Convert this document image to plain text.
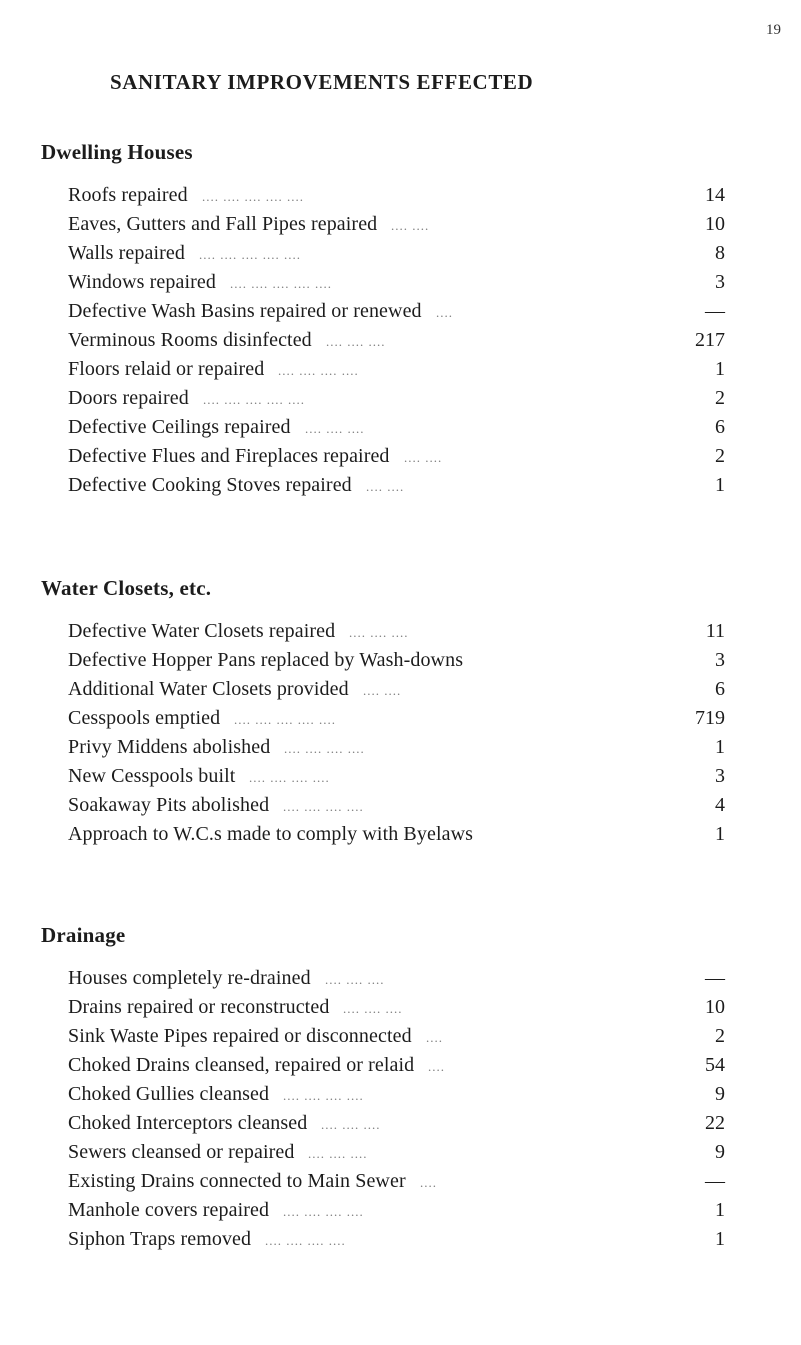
19
SANITARY IMPROVEMENTS EFFECTED
Dwelling Houses
Roofs repaired .... .... .... .... ....	14
Eaves, Gutters and Fall Pipes repaired .... ....	10
Walls repaired .... .... .... .... ....	8
Windows repaired .... .... .... .... ....	3
Defective Wash Basins repaired or renewed ....	—
Verminous Rooms disinfected .... .... ....	217
Floors relaid or repaired .... .... .... ....	1
Doors repaired .... .... .... .... ....	2
Defective Ceilings repaired .... .... ....	6
Defective Flues and Fireplaces repaired .... ....	2
Defective Cooking Stoves repaired .... ....	1
Water Closets, etc.
Defective Water Closets repaired .... .... ....	11
Defective Hopper Pans replaced by Wash-downs	3
Additional Water Closets provided .... ....	6
Cesspools emptied .... .... .... .... ....	719
Privy Middens abolished .... .... .... ....	1
New Cesspools built .... .... .... ....	3
Soakaway Pits abolished .... .... .... ....	4
Approach to W.C.s made to comply with Byelaws	1
Drainage
Houses completely re-drained .... .... ....	—
Drains repaired or reconstructed .... .... ....	10
Sink Waste Pipes repaired or disconnected ....	2
Choked Drains cleansed, repaired or relaid ....	54
Choked Gullies cleansed .... .... .... ....	9
Choked Interceptors cleansed .... .... ....	22
Sewers cleansed or repaired .... .... ....	9
Existing Drains connected to Main Sewer ....	—
Manhole covers repaired .... .... .... ....	1
Siphon Traps removed .... .... .... ....	1
